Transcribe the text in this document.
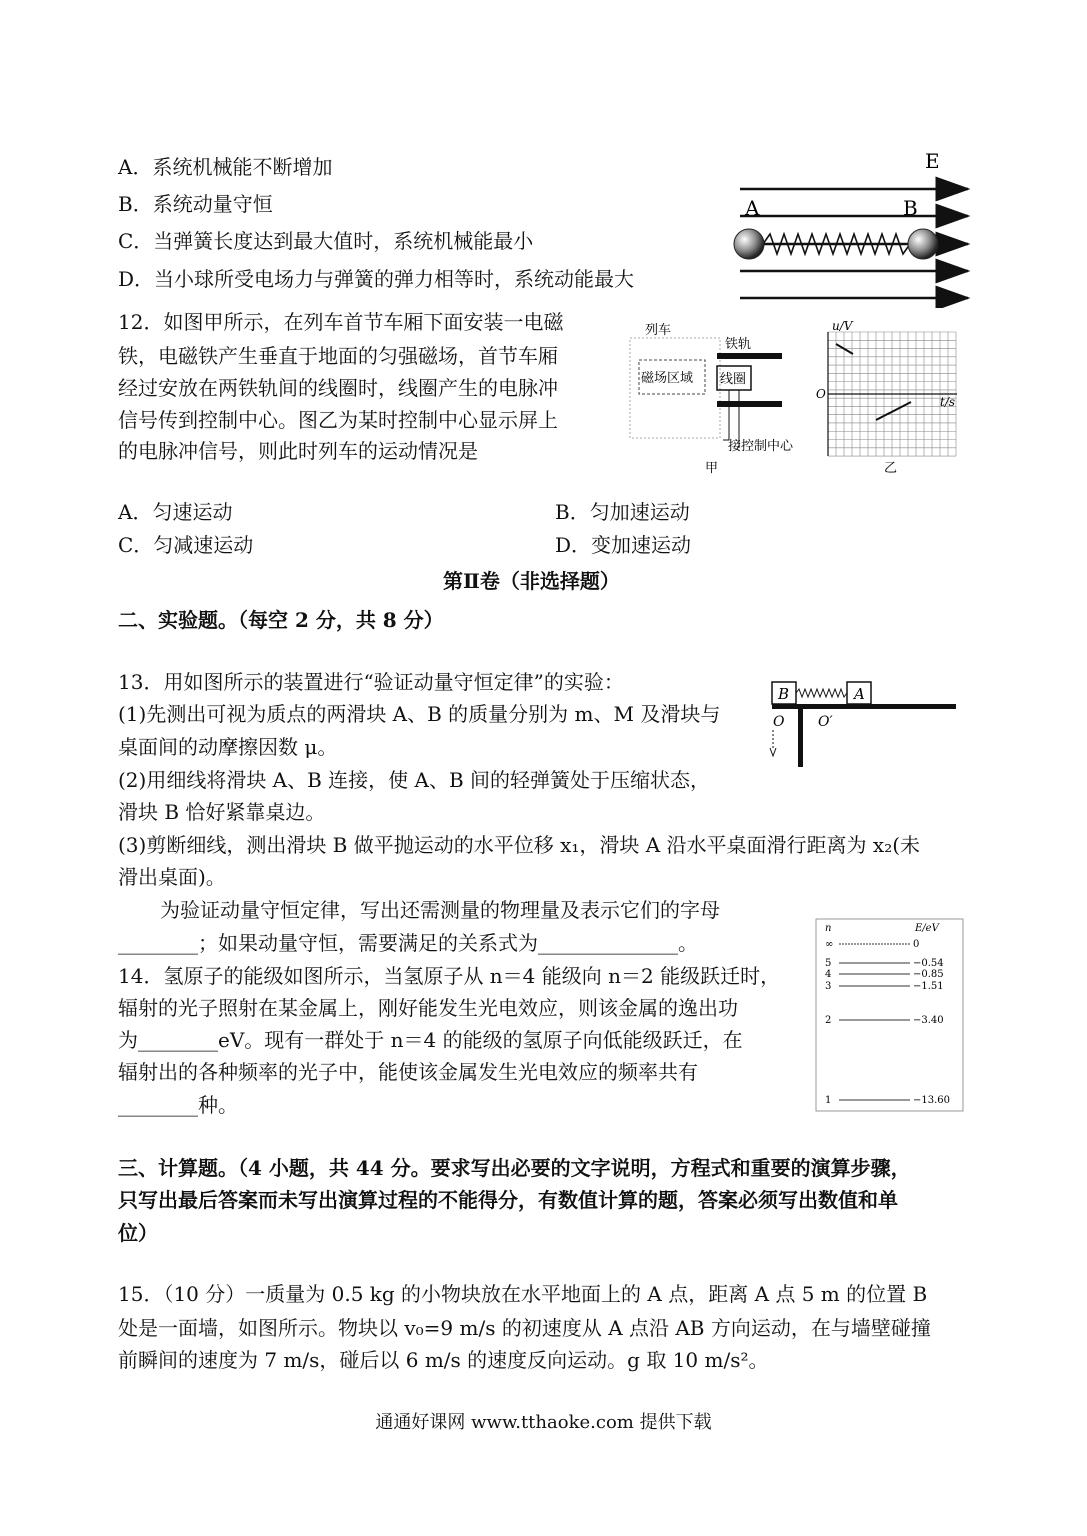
A．系统机械能不断增加
B．系统动量守恒
C．当弹簧长度达到最大值时，系统机械能最小
D．当小球所受电场力与弹簧的弹力相等时，系统动能最大
E
A	B
12．如图甲所示，在列车首节车厢下面安装一电磁
铁，电磁铁产生垂直于地面的匀强磁场，首节车厢
经过安放在两铁轨间的线圈时，线圈产生的电脉冲
信号传到控制中心。图乙为某时控制中心显示屏上
的电脉冲信号，则此时列车的运动情况是
列车
磁场区域
铁轨
线圈
接控制中心
甲
u/V
t/s
O
乙
A．匀速运动	B．匀加速运动
C．匀减速运动	D．变加速运动
第Ⅱ卷（非选择题）
二、实验题。（每空 2 分，共 8 分）
13．用如图所示的装置进行“验证动量守恒定律”的实验：
(1)先测出可视为质点的两滑块 A、B 的质量分别为 m、M 及滑块与
桌面间的动摩擦因数 μ。
(2)用细线将滑块 A、B 连接，使 A、B 间的轻弹簧处于压缩状态，
滑块 B 恰好紧靠桌边。
(3)剪断细线，测出滑块 B 做平抛运动的水平位移 x₁，滑块 A 沿水平桌面滑行距离为 x₂(未
滑出桌面)。
为验证动量守恒定律，写出还需测量的物理量及表示它们的字母
________；如果动量守恒，需要满足的关系式为______________。
B	A
O O′
14．氢原子的能级如图所示，当氢原子从 n＝4 能级向 n＝2 能级跃迁时，
辐射的光子照射在某金属上，刚好能发生光电效应，则该金属的逸出功
为________eV。现有一群处于 n＝4 的能级的氢原子向低能级跃迁，在
辐射出的各种频率的光子中，能使该金属发生光电效应的频率共有
________种。
n	E/eV
∞	0
5	−0.54
4	−0.85
3	−1.51
2	−3.40
1	−13.60
三、计算题。（4 小题，共 44 分。要求写出必要的文字说明，方程式和重要的演算步骤，
只写出最后答案而未写出演算过程的不能得分，有数值计算的题，答案必须写出数值和单
位）
15．（10 分）一质量为 0.5 kg 的小物块放在水平地面上的 A 点，距离 A 点 5 m 的位置 B
处是一面墙，如图所示。物块以 v₀=9 m/s 的初速度从 A 点沿 AB 方向运动，在与墙壁碰撞
前瞬间的速度为 7 m/s，碰后以 6 m/s 的速度反向运动。g 取 10 m/s²。
通通好课网 www.tthaoke.com 提供下载
